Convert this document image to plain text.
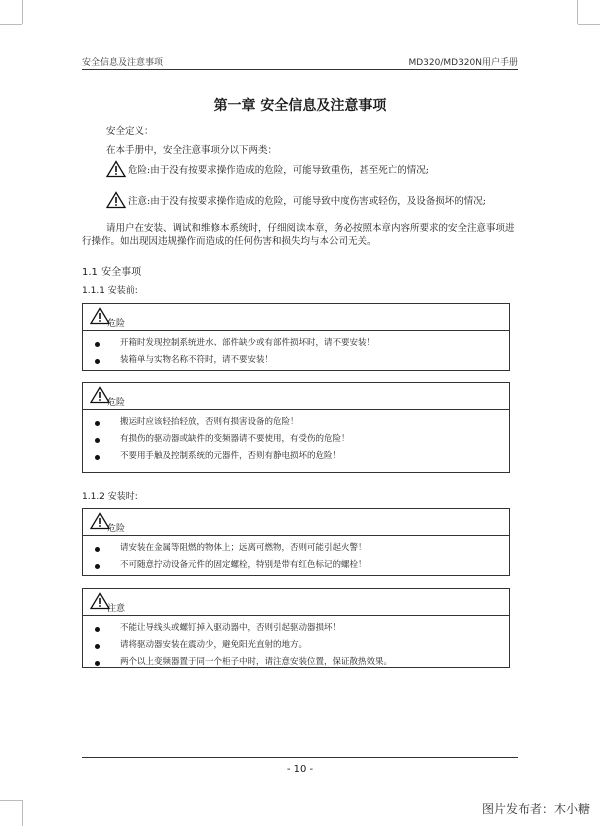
安全信息及注意事项	MD320/MD320N用户手册
第一章 安全信息及注意事项
安全定义：
在本手册中，安全注意事项分以下两类：
危险:由于没有按要求操作造成的危险，可能导致重伤，甚至死亡的情况;
注意:由于没有按要求操作造成的危险，可能导致中度伤害或轻伤，及设备损坏的情况;
请用户在安装、调试和维修本系统时，仔细阅读本章，务必按照本章内容所要求的安全注意事项进行操作。如出现因违规操作而造成的任何伤害和损失均与本公司无关。
1.1 安全事项
1.1.1 安装前:
危险
开箱时发现控制系统进水、部件缺少或有部件损坏时，请不要安装！
装箱单与实物名称不符时，请不要安装！
危险
搬运时应该轻抬轻放，否则有损害设备的危险！
有损伤的驱动器或缺件的变频器请不要使用，有受伤的危险！
不要用手触及控制系统的元器件，否则有静电损坏的危险！
1.1.2 安装时:
危险
请安装在金属等阻燃的物体上；远离可燃物，否则可能引起火警！
不可随意拧动设备元件的固定螺栓，特别是带有红色标记的螺栓！
注意
不能让导线头或螺钉掉入驱动器中，否则引起驱动器损坏！
请将驱动器安装在震动少，避免阳光直射的地方。
两个以上变频器置于同一个柜子中时，请注意安装位置，保证散热效果。
- 10 -
图片发布者：木小糖
